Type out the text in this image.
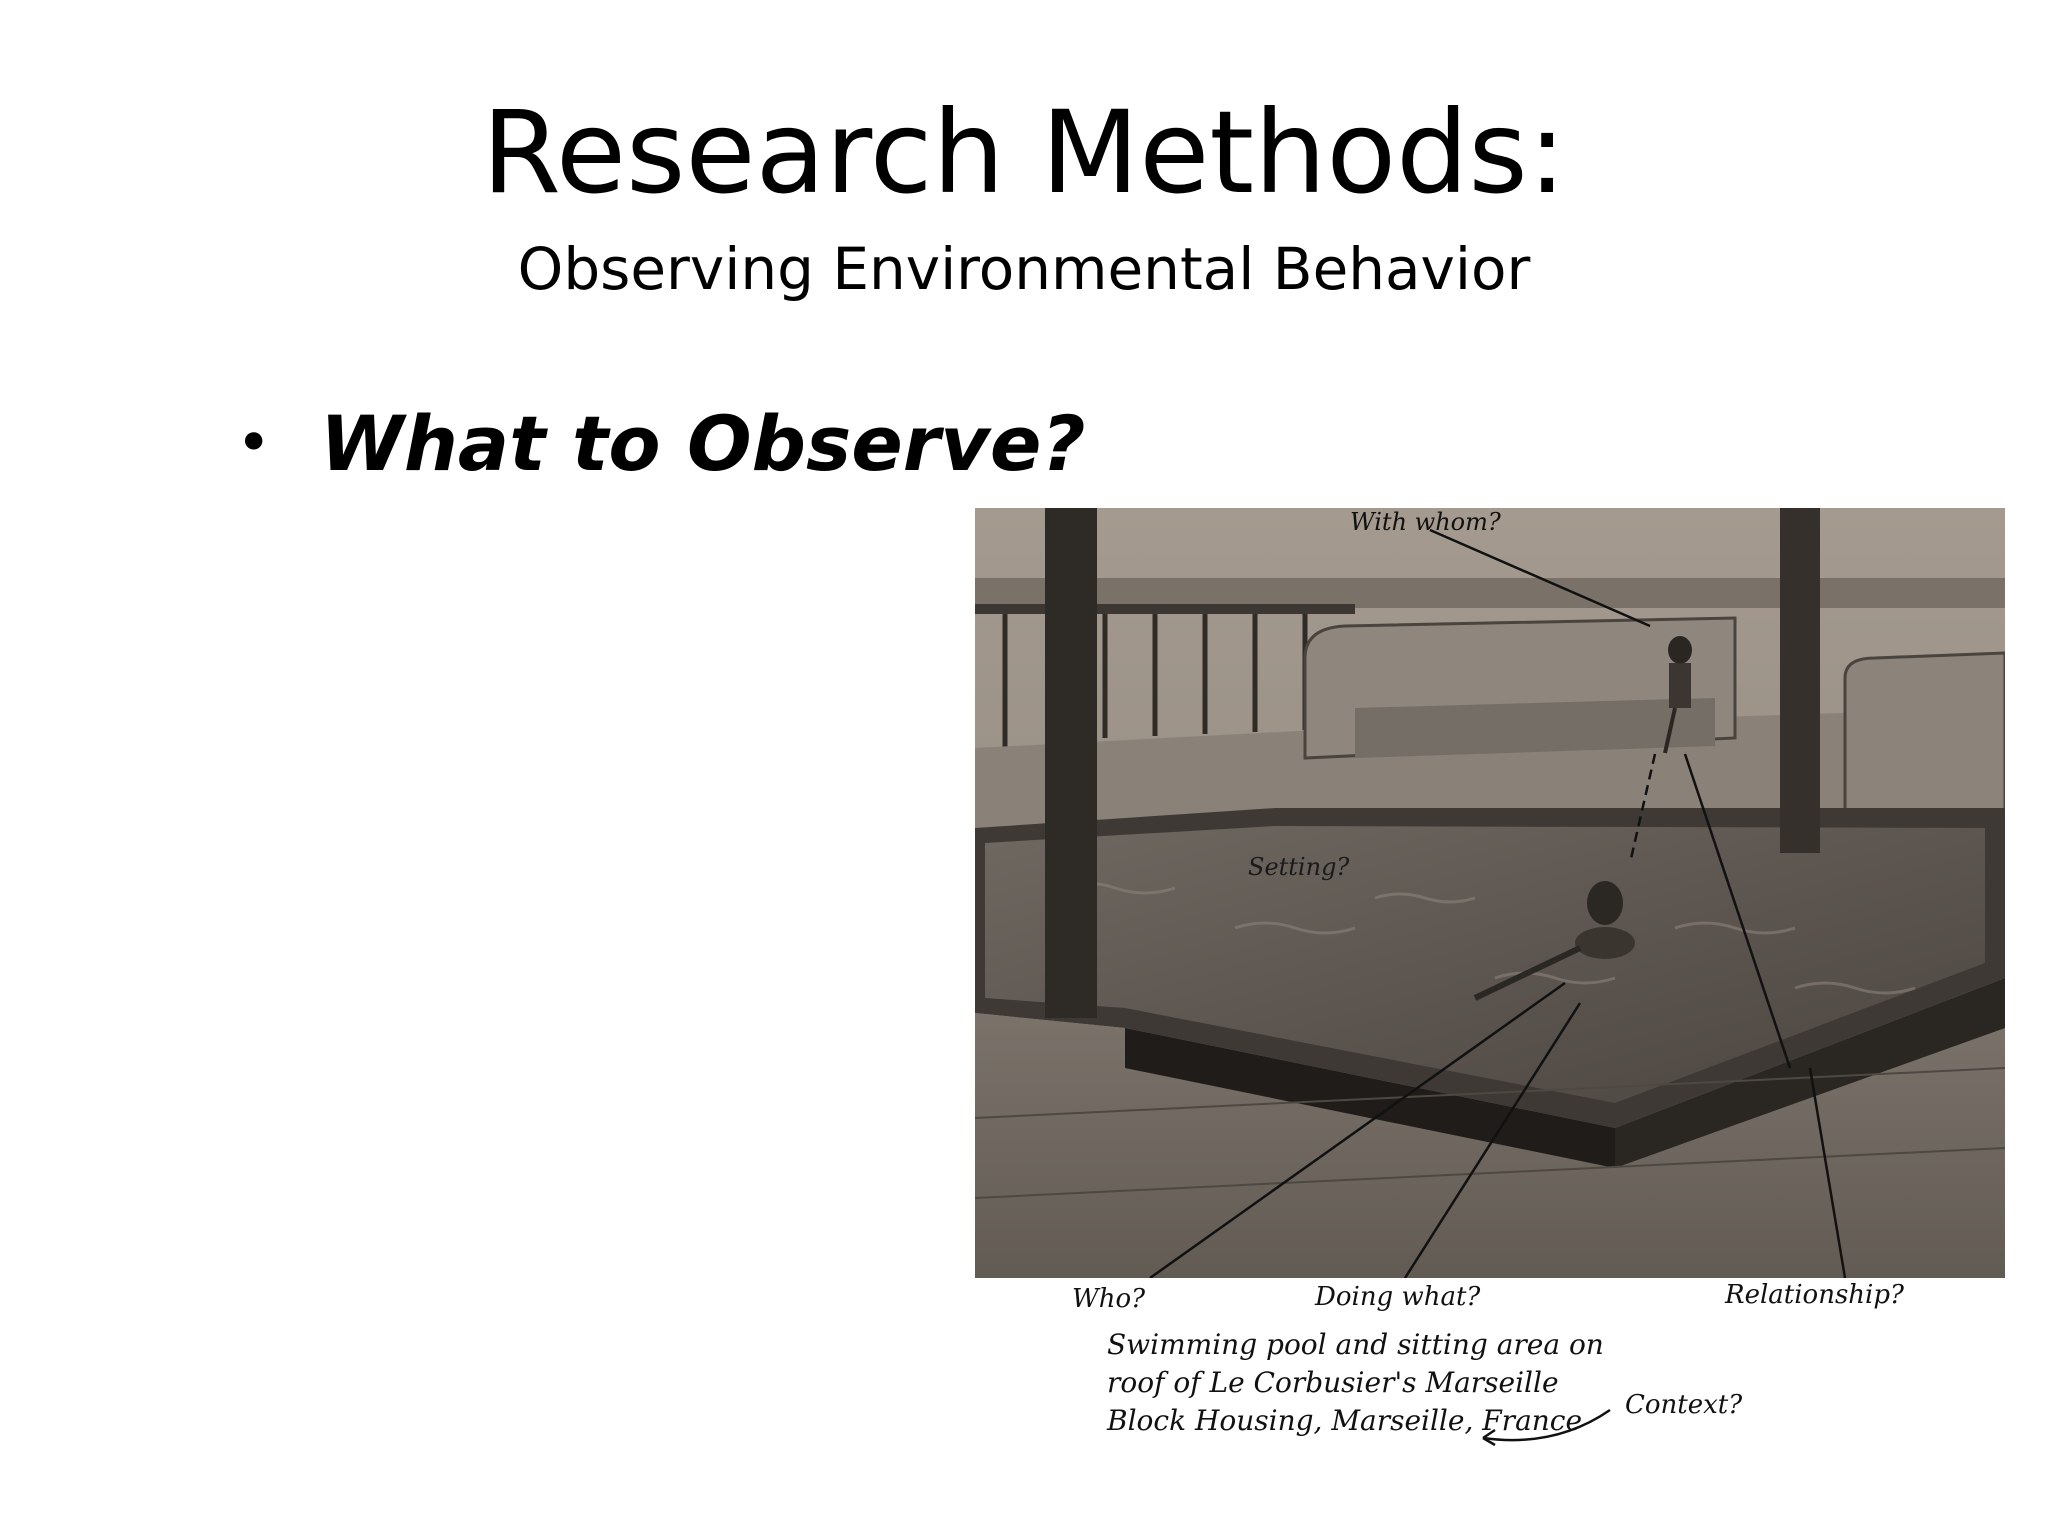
Research Methods:
Observing Environmental Behavior
• What to Observe?
With whom?
Setting?
Who?	Doing what?	Relationship?
Swimming pool and sitting area on
roof of Le Corbusier's Marseille
Block Housing, Marseille, France	Context?
